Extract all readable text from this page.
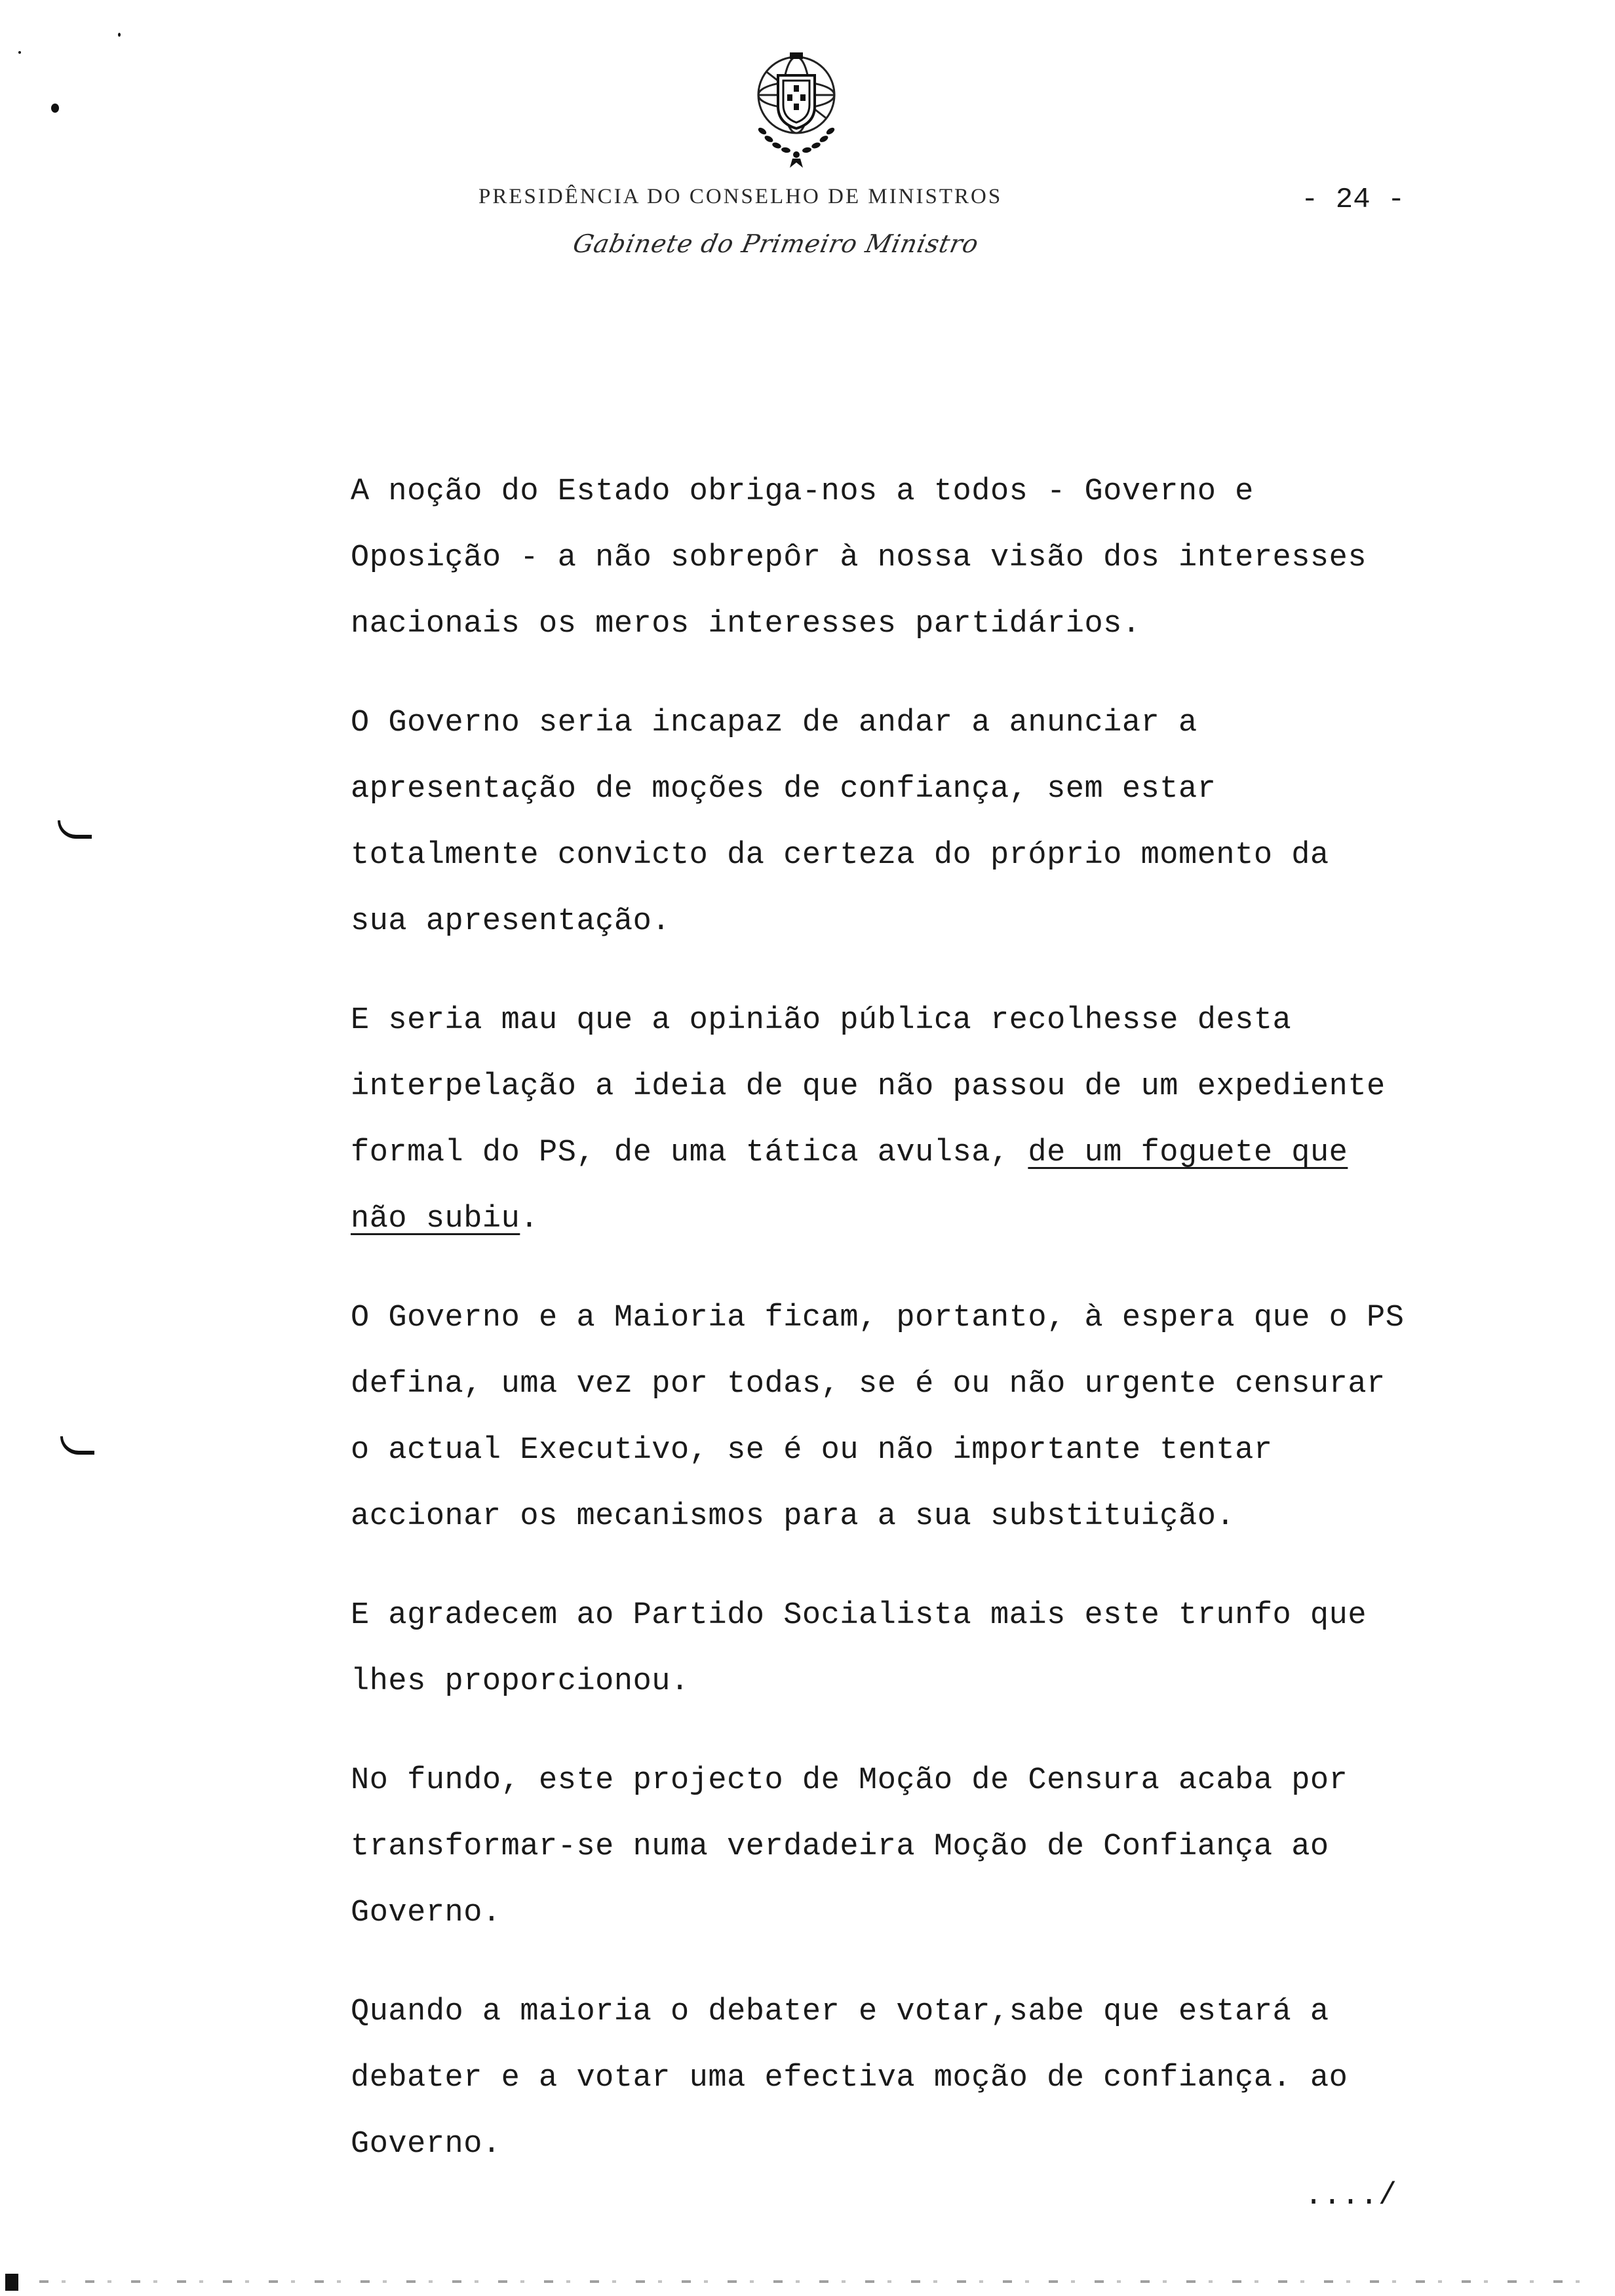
PRESIDÊNCIA DO CONSELHO DE MINISTROS	- 24 -
Gabinete do Primeiro Ministro
A noção do Estado obriga-nos a todos - Governo e
Oposição - a não sobrepôr à nossa visão dos interesses
nacionais os meros interesses partidários.
O Governo seria incapaz de andar a anunciar a
apresentação de moções de confiança, sem estar
totalmente convicto da certeza do próprio momento da
sua apresentação.
E seria mau que a opinião pública recolhesse desta
interpelação a ideia de que não passou de um expediente
formal do PS, de uma tática avulsa, de um foguete que
não subiu.
O Governo e a Maioria ficam, portanto, à espera que o PS
defina, uma vez por todas, se é ou não urgente censurar
o actual Executivo, se é ou não importante tentar
accionar os mecanismos para a sua substituição.
E agradecem ao Partido Socialista mais este trunfo que
lhes proporcionou.
No fundo, este projecto de Moção de Censura acaba por
transformar-se numa verdadeira Moção de Confiança ao
Governo.
Quando a maioria o debater e votar,sabe que estará a
debater e a votar uma efectiva moção de confiança. ao
Governo.
..../
